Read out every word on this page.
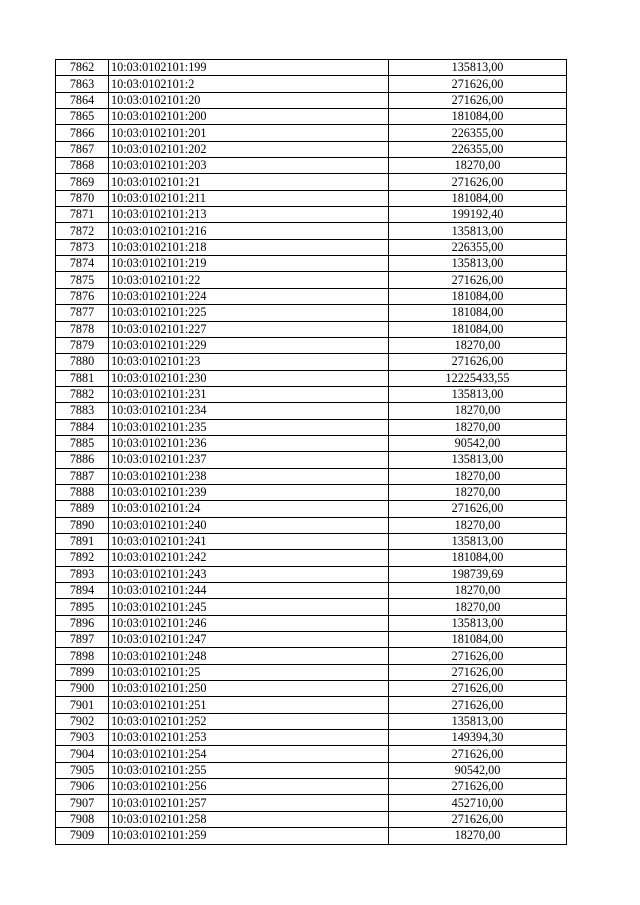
7862	10:03:0102101:199	135813,00
7863	10:03:0102101:2	271626,00
7864	10:03:0102101:20	271626,00
7865	10:03:0102101:200	181084,00
7866	10:03:0102101:201	226355,00
7867	10:03:0102101:202	226355,00
7868	10:03:0102101:203	18270,00
7869	10:03:0102101:21	271626,00
7870	10:03:0102101:211	181084,00
7871	10:03:0102101:213	199192,40
7872	10:03:0102101:216	135813,00
7873	10:03:0102101:218	226355,00
7874	10:03:0102101:219	135813,00
7875	10:03:0102101:22	271626,00
7876	10:03:0102101:224	181084,00
7877	10:03:0102101:225	181084,00
7878	10:03:0102101:227	181084,00
7879	10:03:0102101:229	18270,00
7880	10:03:0102101:23	271626,00
7881	10:03:0102101:230	12225433,55
7882	10:03:0102101:231	135813,00
7883	10:03:0102101:234	18270,00
7884	10:03:0102101:235	18270,00
7885	10:03:0102101:236	90542,00
7886	10:03:0102101:237	135813,00
7887	10:03:0102101:238	18270,00
7888	10:03:0102101:239	18270,00
7889	10:03:0102101:24	271626,00
7890	10:03:0102101:240	18270,00
7891	10:03:0102101:241	135813,00
7892	10:03:0102101:242	181084,00
7893	10:03:0102101:243	198739,69
7894	10:03:0102101:244	18270,00
7895	10:03:0102101:245	18270,00
7896	10:03:0102101:246	135813,00
7897	10:03:0102101:247	181084,00
7898	10:03:0102101:248	271626,00
7899	10:03:0102101:25	271626,00
7900	10:03:0102101:250	271626,00
7901	10:03:0102101:251	271626,00
7902	10:03:0102101:252	135813,00
7903	10:03:0102101:253	149394,30
7904	10:03:0102101:254	271626,00
7905	10:03:0102101:255	90542,00
7906	10:03:0102101:256	271626,00
7907	10:03:0102101:257	452710,00
7908	10:03:0102101:258	271626,00
7909	10:03:0102101:259	18270,00
